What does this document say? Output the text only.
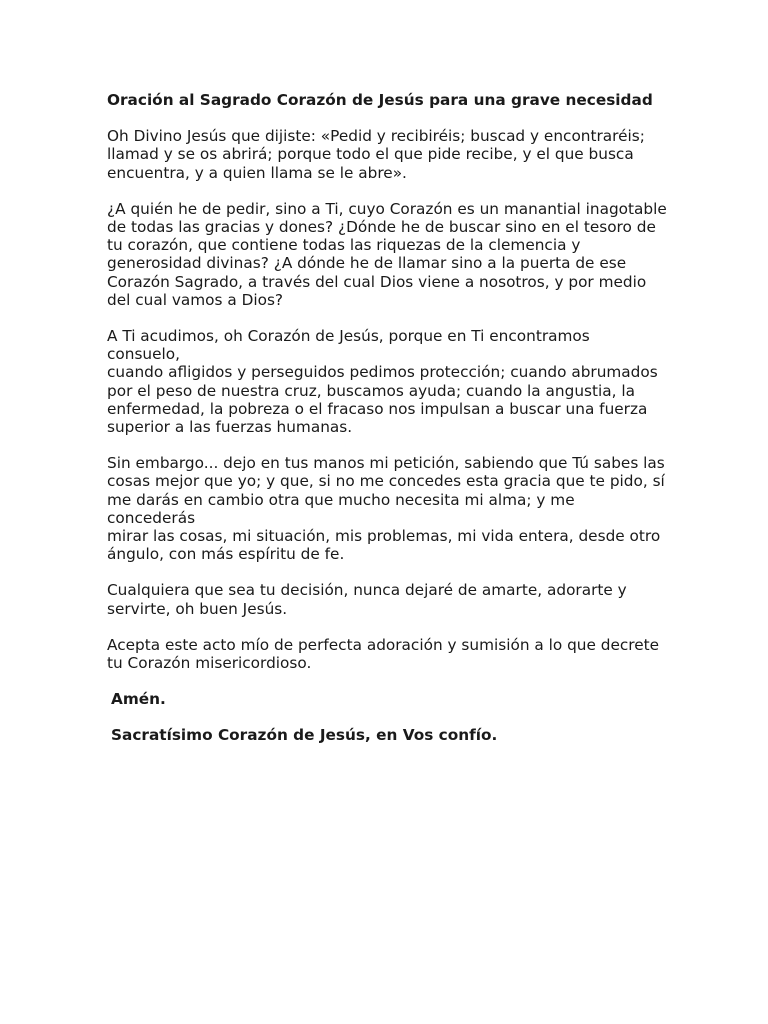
Oración al Sagrado Corazón de Jesús para una grave necesidad

Oh Divino Jesús que dijiste: «Pedid y recibiréis; buscad y encontraréis;
llamad y se os abrirá; porque todo el que pide recibe, y el que busca
encuentra, y a quien llama se le abre».

¿A quién he de pedir, sino a Ti, cuyo Corazón es un manantial inagotable
de todas las gracias y dones? ¿Dónde he de buscar sino en el tesoro de
tu corazón, que contiene todas las riquezas de la clemencia y
generosidad divinas? ¿A dónde he de llamar sino a la puerta de ese
Corazón Sagrado, a través del cual Dios viene a nosotros, y por medio
del cual vamos a Dios?

A Ti acudimos, oh Corazón de Jesús, porque en Ti encontramos consuelo,
cuando afligidos y perseguidos pedimos protección; cuando abrumados
por el peso de nuestra cruz, buscamos ayuda; cuando la angustia, la
enfermedad, la pobreza o el fracaso nos impulsan a buscar una fuerza
superior a las fuerzas humanas.

Sin embargo... dejo en tus manos mi petición, sabiendo que Tú sabes las
cosas mejor que yo; y que, si no me concedes esta gracia que te pido, sí
me darás en cambio otra que mucho necesita mi alma; y me concederás
mirar las cosas, mi situación, mis problemas, mi vida entera, desde otro
ángulo, con más espíritu de fe.

Cualquiera que sea tu decisión, nunca dejaré de amarte, adorarte y
servirte, oh buen Jesús.

Acepta este acto mío de perfecta adoración y sumisión a lo que decrete
tu Corazón misericordioso.

Amén.

Sacratísimo Corazón de Jesús, en Vos confío.
